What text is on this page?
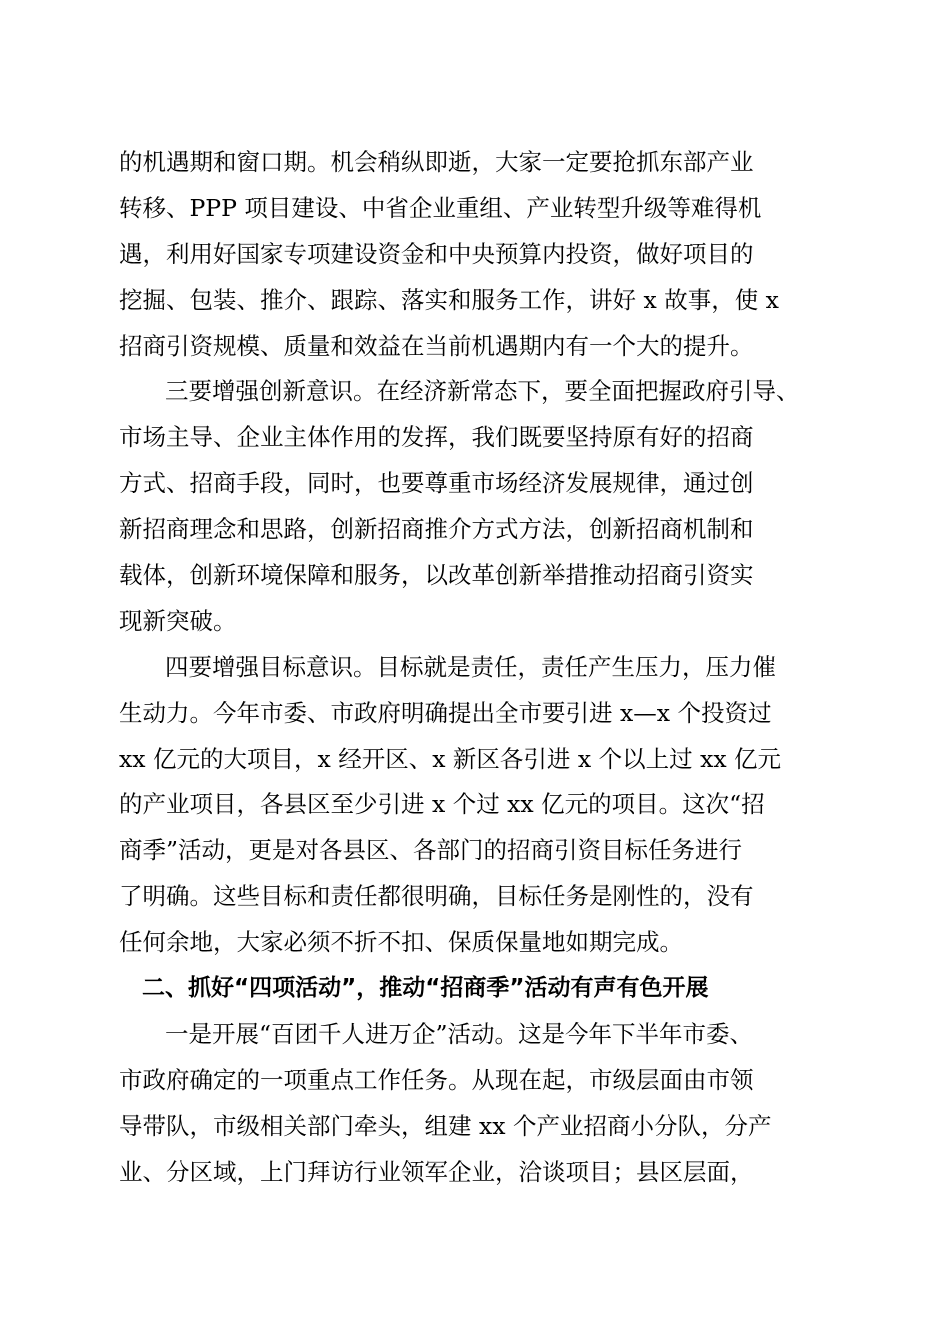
的机遇期和窗口期。机会稍纵即逝，大家一定要抢抓东部产业
转移、PPP 项目建设、中省企业重组、产业转型升级等难得机
遇，利用好国家专项建设资金和中央预算内投资，做好项目的
挖掘、包装、推介、跟踪、落实和服务工作，讲好 x 故事，使 x
招商引资规模、质量和效益在当前机遇期内有一个大的提升。
三要增强创新意识。在经济新常态下，要全面把握政府引导、
市场主导、企业主体作用的发挥，我们既要坚持原有好的招商
方式、招商手段，同时，也要尊重市场经济发展规律，通过创
新招商理念和思路，创新招商推介方式方法，创新招商机制和
载体，创新环境保障和服务，以改革创新举措推动招商引资实
现新突破。
四要增强目标意识。目标就是责任，责任产生压力，压力催
生动力。今年市委、市政府明确提出全市要引进 x—x 个投资过
xx 亿元的大项目，x 经开区、x 新区各引进 x 个以上过 xx 亿元
的产业项目，各县区至少引进 x 个过 xx 亿元的项目。这次“招
商季”活动，更是对各县区、各部门的招商引资目标任务进行
了明确。这些目标和责任都很明确，目标任务是刚性的，没有
任何余地，大家必须不折不扣、保质保量地如期完成。
二、抓好“四项活动”，推动“招商季”活动有声有色开展
一是开展“百团千人进万企”活动。这是今年下半年市委、
市政府确定的一项重点工作任务。从现在起，市级层面由市领
导带队，市级相关部门牵头，组建 xx 个产业招商小分队，分产
业、分区域，上门拜访行业领军企业，洽谈项目；县区层面，
